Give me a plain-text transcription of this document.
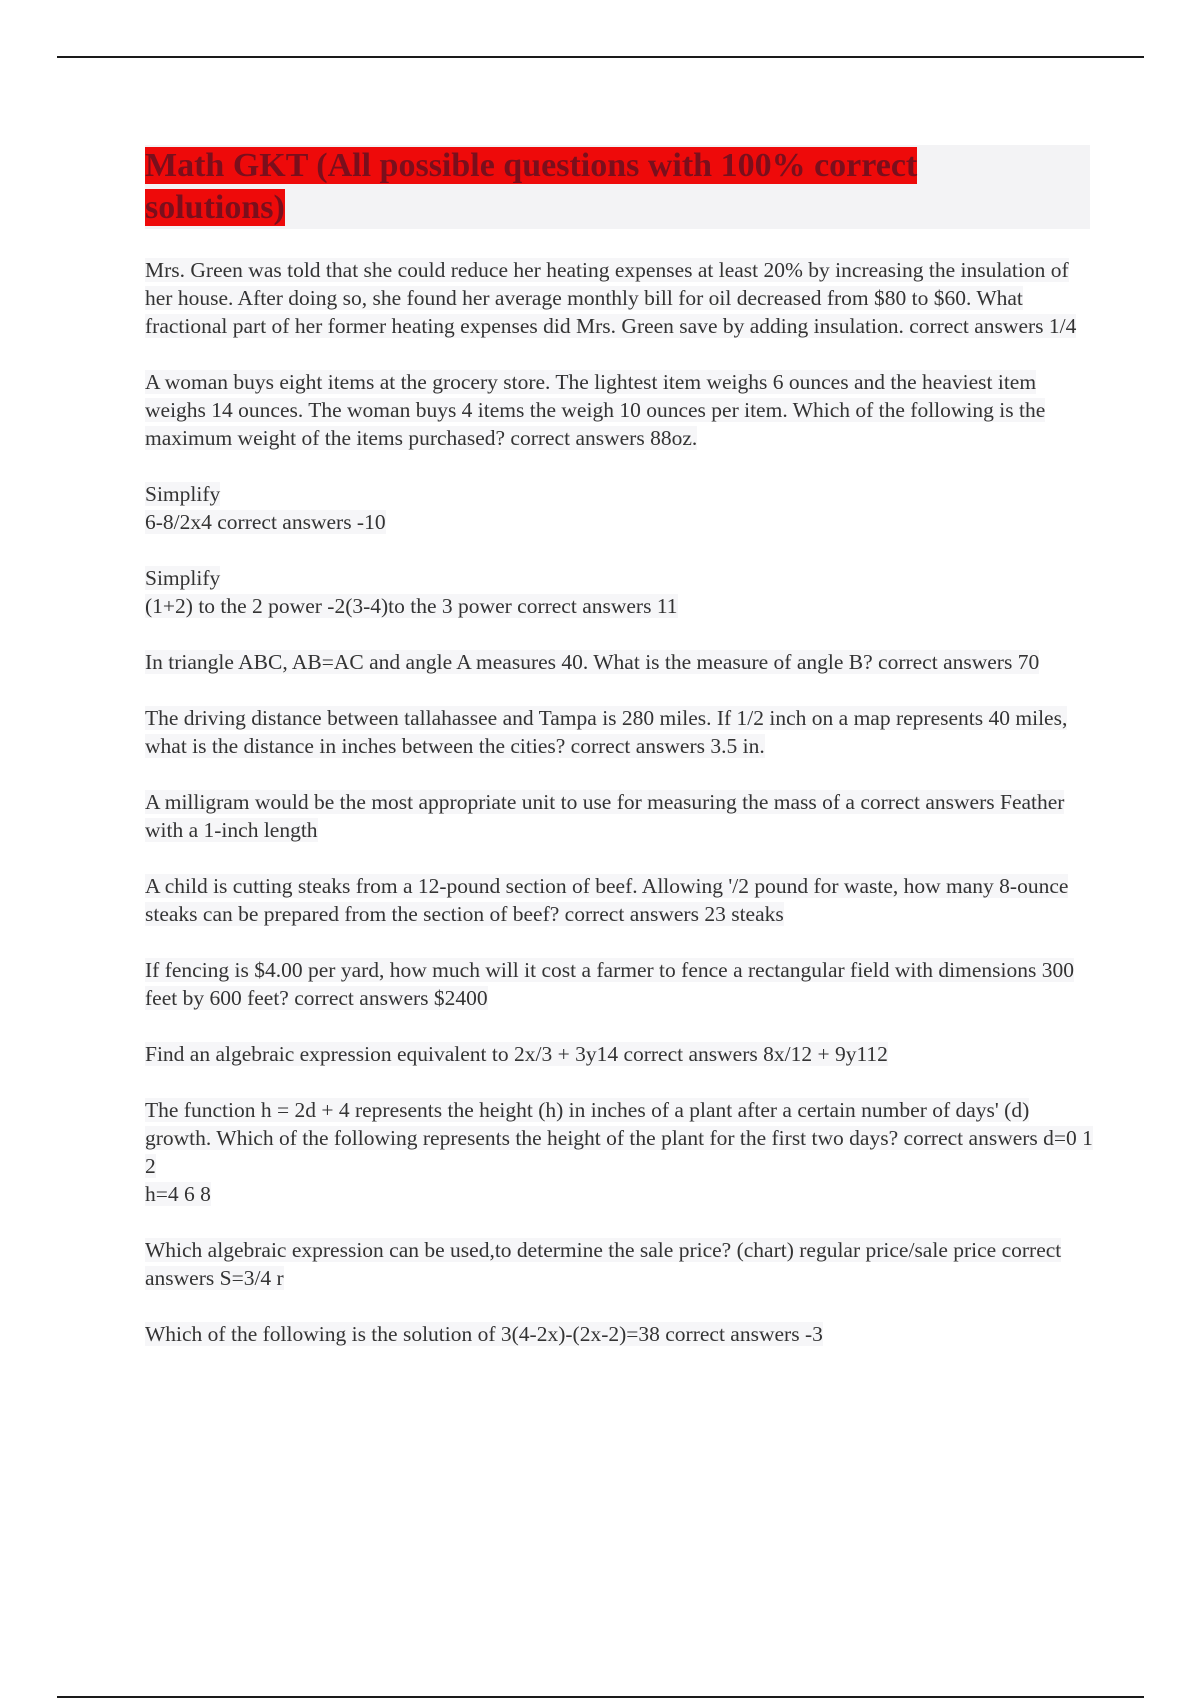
Math GKT (All possible questions with 100% correct solutions)

Mrs. Green was told that she could reduce her heating expenses at least 20% by increasing the insulation of her house. After doing so, she found her average monthly bill for oil decreased from $80 to $60. What fractional part of her former heating expenses did Mrs. Green save by adding insulation. correct answers 1/4

A woman buys eight items at the grocery store. The lightest item weighs 6 ounces and the heaviest item weighs 14 ounces. The woman buys 4 items the weigh 10 ounces per item. Which of the following is the maximum weight of the items purchased? correct answers 88oz.

Simplify
6-8/2x4 correct answers -10

Simplify
(1+2) to the 2 power -2(3-4)to the 3 power correct answers 11

In triangle ABC, AB=AC and angle A measures 40. What is the measure of angle B? correct answers 70

The driving distance between tallahassee and Tampa is 280 miles. If 1/2 inch on a map represents 40 miles, what is the distance in inches between the cities? correct answers 3.5 in.

A milligram would be the most appropriate unit to use for measuring the mass of a correct answers Feather with a 1-inch length

A child is cutting steaks from a 12-pound section of beef. Allowing '/2 pound for waste, how many 8-ounce steaks can be prepared from the section of beef? correct answers 23 steaks

If fencing is $4.00 per yard, how much will it cost a farmer to fence a rectangular field with dimensions 300 feet by 600 feet? correct answers $2400

Find an algebraic expression equivalent to 2x/3 + 3y14 correct answers 8x/12 + 9y112

The function h = 2d + 4 represents the height (h) in inches of a plant after a certain number of days' (d) growth. Which of the following represents the height of the plant for the first two days? correct answers d=0 1 2
h=4 6 8

Which algebraic expression can be used,to determine the sale price? (chart) regular price/sale price correct answers S=3/4 r

Which of the following is the solution of 3(4-2x)-(2x-2)=38 correct answers -3
